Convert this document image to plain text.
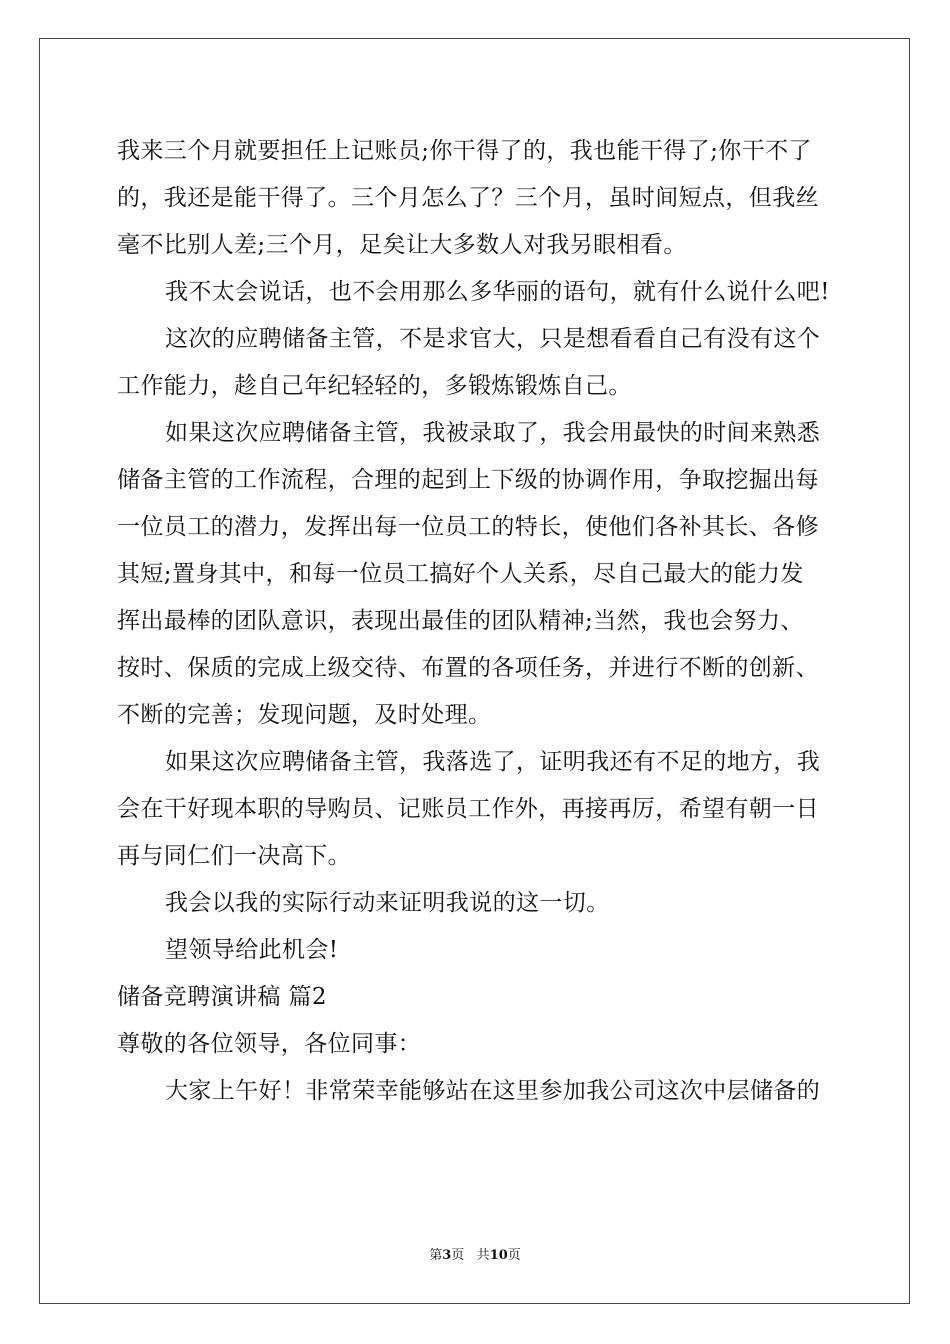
我来三个月就要担任上记账员;你干得了的，我也能干得了;你干不了
的，我还是能干得了。三个月怎么了？三个月，虽时间短点，但我丝
毫不比别人差;三个月，足矣让大多数人对我另眼相看。
我不太会说话，也不会用那么多华丽的语句，就有什么说什么吧!
这次的应聘储备主管，不是求官大，只是想看看自己有没有这个
工作能力，趁自己年纪轻轻的，多锻炼锻炼自己。
如果这次应聘储备主管，我被录取了，我会用最快的时间来熟悉
储备主管的工作流程，合理的起到上下级的协调作用，争取挖掘出每
一位员工的潜力，发挥出每一位员工的特长，使他们各补其长、各修
其短;置身其中，和每一位员工搞好个人关系，尽自己最大的能力发
挥出最棒的团队意识，表现出最佳的团队精神;当然，我也会努力、
按时、保质的完成上级交待、布置的各项任务，并进行不断的创新、
不断的完善；发现问题，及时处理。
如果这次应聘储备主管，我落选了，证明我还有不足的地方，我
会在干好现本职的导购员、记账员工作外，再接再厉，希望有朝一日
再与同仁们一决高下。
我会以我的实际行动来证明我说的这一切。
望领导给此机会!
储备竞聘演讲稿 篇2
尊敬的各位领导，各位同事：
大家上午好！非常荣幸能够站在这里参加我公司这次中层储备的
第3页 共10页
